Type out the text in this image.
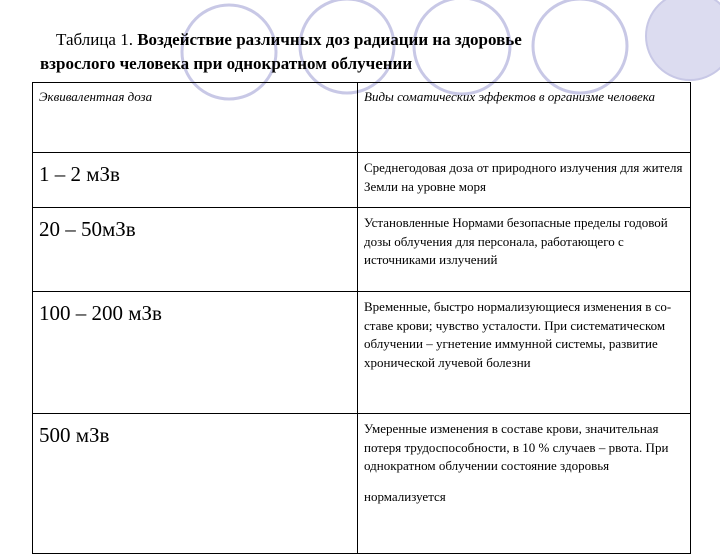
Таблица 1. Воздействие различных доз радиации на здоровье
взрослого человека при однократном облучении
Эквивалентная доза	Виды соматических эффектов в организме человека
1 – 2 мЗв	Среднегодовая доза от природного излучения для жителя Земли на уровне моря
20 – 50мЗв	Установленные Нормами безопасные пределы годовой дозы облучения для персонала, работающего с источниками излучений
100 – 200 мЗв	Временные, быстро нормализующиеся изменения в со-ставе крови; чувство усталости. При систематическом облучении – угнетение иммунной системы, развитие хронической лучевой болезни
500 мЗв	Умеренные изменения в составе крови, значительная потеря трудоспособности, в 10 % случаев – рвота. При однократном облучении состояние здоровья
нормализуется
